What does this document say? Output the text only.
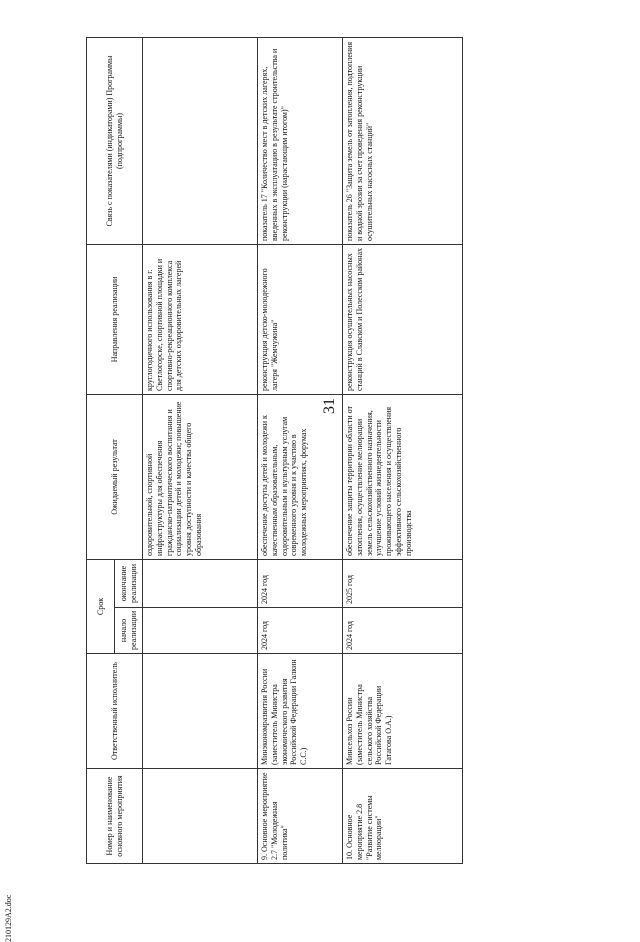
31
Номер и наименование основного мероприятия	Ответственный исполнитель	Срок		Ожидаемый результат	Направления реализации	Связь с показателями (индикаторами) Программы (подпрограммы)
		начало реализации	окончание реализации			
				оздоровительной, спортивной инфраструктуры для обеспечения гражданско-патриотического воспитания и социализации детей и молодежи; повышение уровня доступности и качества общего образования	круглогодичного использования в г. Светлогорске, спортивной площадки и спортивно-рекреационного комплекса для детских оздоровительных лагерей	
9. Основное мероприятие 2.7 "Молодежная политика"	Минэкономразвития России (заместитель Министра экономического развития Российской Федерации Галкин С.С.)	2024 год	2024 год	обеспечение доступа детей и молодежи к качественным образовательным, оздоровительным и культурным услугам современного уровня и к участию в молодежных мероприятиях, форумах	реконструкция детско-молодежного лагеря "Жемчужина"	показатель 17 "Количество мест в детских лагерях, введенных в эксплуатацию в результате строительства и реконструкции (нарастающим итогом)"
10. Основное мероприятие 2.8 "Развитие системы мелиорации"	Минсельхоз России (заместитель Министра сельского хозяйства Российской Федерации Гатагова О.А.)	2024 год	2025 год	обеспечение защиты территории области от затопления, осуществление мелиорации земель сельскохозяйственного назначения, улучшение условий жизнедеятельности проживающего населения и осуществления эффективного сельскохозяйственного производства	реконструкция осушительных насосных станций в Славском и Полесском районах	показатель 26 "Защита земель от затопления, подтопления и водной эрозии за счет проведения реконструкции осушительных насосных станций"
210129A2.doc
